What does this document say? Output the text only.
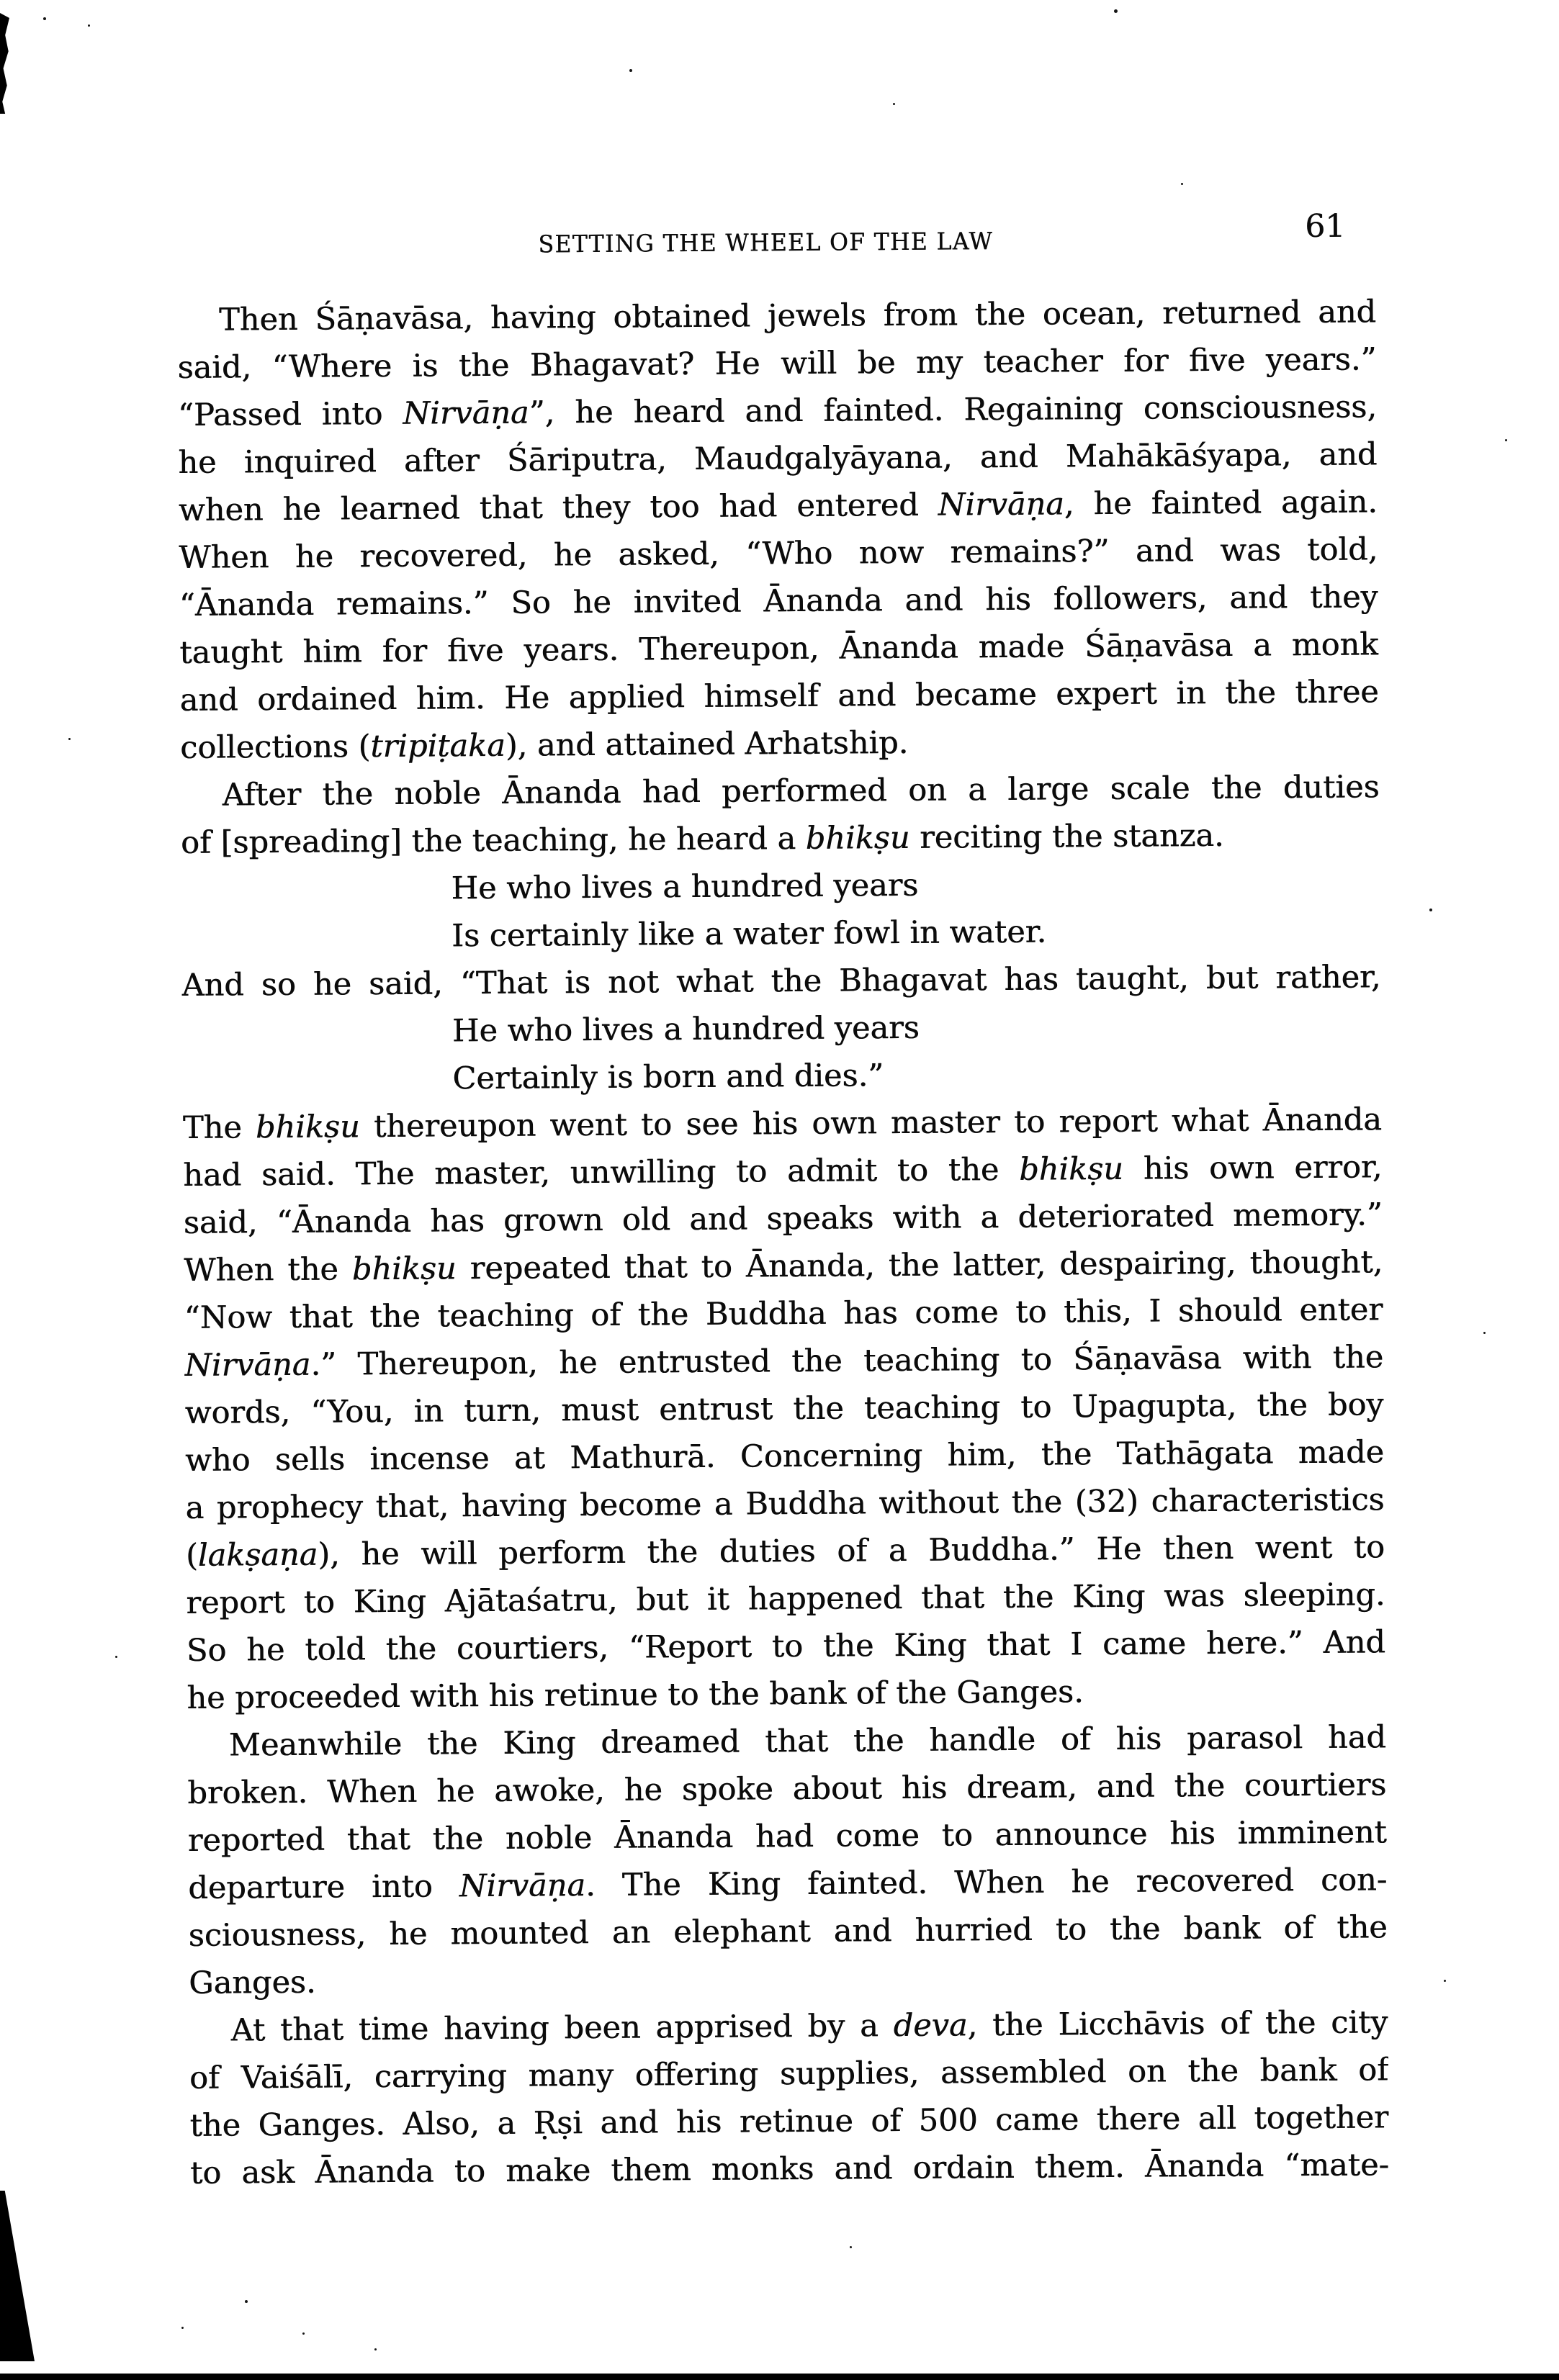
SETTING THE WHEEL OF THE LAW	61
Then Śāṇavāsa, having obtained jewels from the ocean, returned and
said, “Where is the Bhagavat? He will be my teacher for five years.”
“Passed into Nirvāṇa”, he heard and fainted. Regaining consciousness,
he inquired after Śāriputra, Maudgalyāyana, and Mahākāśyapa, and
when he learned that they too had entered Nirvāṇa, he fainted again.
When he recovered, he asked, “Who now remains?” and was told,
“Ānanda remains.” So he invited Ānanda and his followers, and they
taught him for five years. Thereupon, Ānanda made Śāṇavāsa a monk
and ordained him. He applied himself and became expert in the three
collections (tripiṭaka), and attained Arhatship.
After the noble Ānanda had performed on a large scale the duties
of [spreading] the teaching, he heard a bhikṣu reciting the stanza.
He who lives a hundred years
Is certainly like a water fowl in water.
And so he said, “That is not what the Bhagavat has taught, but rather,
He who lives a hundred years
Certainly is born and dies.”
The bhikṣu thereupon went to see his own master to report what Ānanda
had said. The master, unwilling to admit to the bhikṣu his own error,
said, “Ānanda has grown old and speaks with a deteriorated memory.”
When the bhikṣu repeated that to Ānanda, the latter, despairing, thought,
“Now that the teaching of the Buddha has come to this, I should enter
Nirvāṇa.” Thereupon, he entrusted the teaching to Śāṇavāsa with the
words, “You, in turn, must entrust the teaching to Upagupta, the boy
who sells incense at Mathurā. Concerning him, the Tathāgata made
a prophecy that, having become a Buddha without the (32) characteristics
(lakṣaṇa), he will perform the duties of a Buddha.” He then went to
report to King Ajātaśatru, but it happened that the King was sleeping.
So he told the courtiers, “Report to the King that I came here.” And
he proceeded with his retinue to the bank of the Ganges.
Meanwhile the King dreamed that the handle of his parasol had
broken. When he awoke, he spoke about his dream, and the courtiers
reported that the noble Ānanda had come to announce his imminent
departure into Nirvāṇa. The King fainted. When he recovered con-
sciousness, he mounted an elephant and hurried to the bank of the
Ganges.
At that time having been apprised by a deva, the Licchāvis of the city
of Vaiśālī, carrying many offering supplies, assembled on the bank of
the Ganges. Also, a Ṛṣi and his retinue of 500 came there all together
to ask Ānanda to make them monks and ordain them. Ānanda “mate-
